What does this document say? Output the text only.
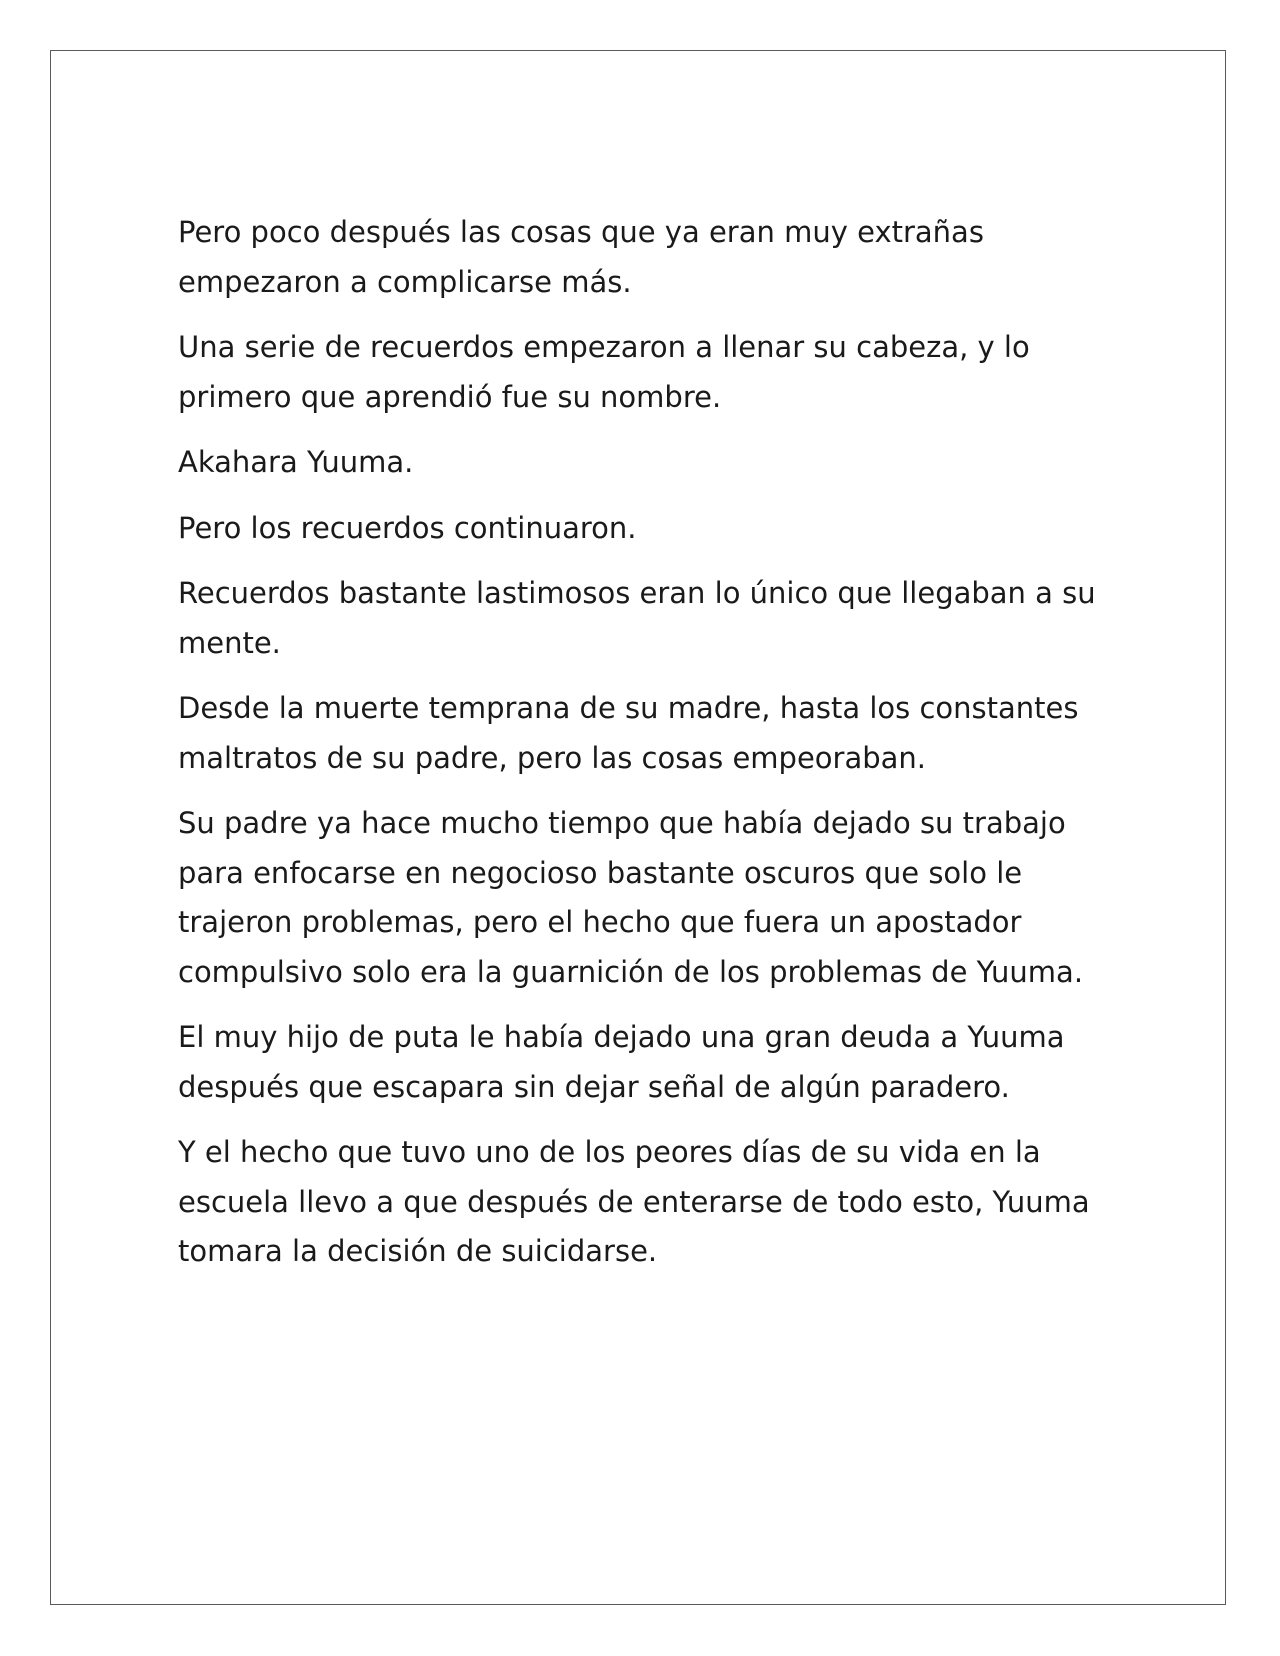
Pero poco después las cosas que ya eran muy extrañas empezaron a complicarse más.

Una serie de recuerdos empezaron a llenar su cabeza, y lo primero que aprendió fue su nombre.

Akahara Yuuma.

Pero los recuerdos continuaron.

Recuerdos bastante lastimosos eran lo único que llegaban a su mente.

Desde la muerte temprana de su madre, hasta los constantes maltratos de su padre, pero las cosas empeoraban.

Su padre ya hace mucho tiempo que había dejado su trabajo para enfocarse en negocioso bastante oscuros que solo le trajeron problemas, pero el hecho que fuera un apostador compulsivo solo era la guarnición de los problemas de Yuuma.

El muy hijo de puta le había dejado una gran deuda a Yuuma después que escapara sin dejar señal de algún paradero.

Y el hecho que tuvo uno de los peores días de su vida en la escuela llevo a que después de enterarse de todo esto, Yuuma tomara la decisión de suicidarse.
